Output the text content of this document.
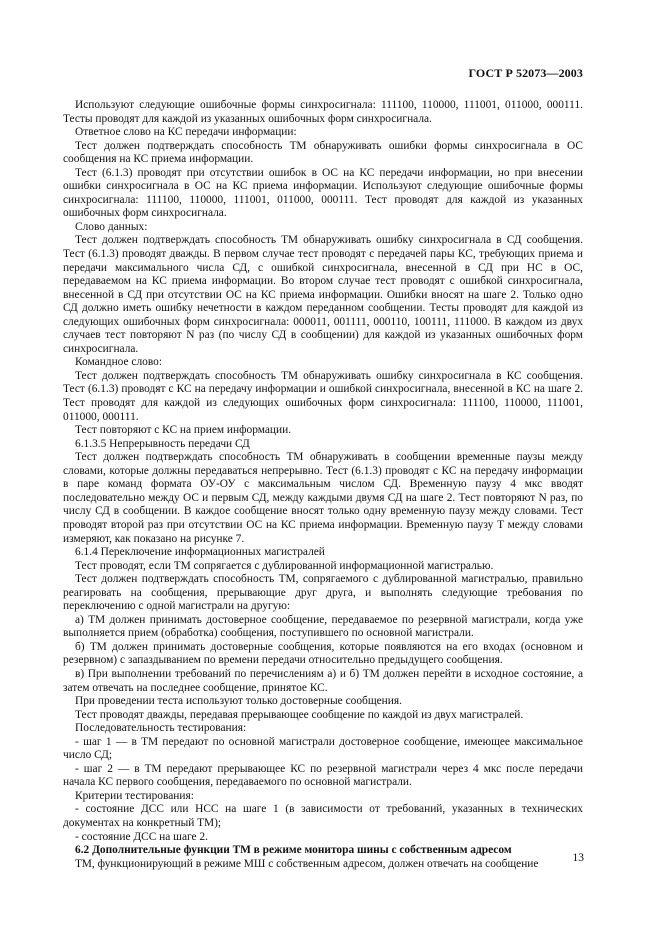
ГОСТ Р 52073—2003

Используют следующие ошибочные формы синхросигнала: 111100, 110000, 111001, 011000, 000111. Тесты проводят для каждой из указанных ошибочных форм синхросигнала.

Ответное слово на КС передачи информации:

Тест должен подтверждать способность ТМ обнаруживать ошибки формы синхросигнала в ОС сообщения на КС приема информации.

Тест (6.1.3) проводят при отсутствии ошибок в ОС на КС передачи информации, но при внесении ошибки синхросигнала в ОС на КС приема информации. Используют следующие ошибочные формы синхросигнала: 111100, 110000, 111001, 011000, 000111. Тест проводят для каждой из указанных ошибочных форм синхросигнала.

Слово данных:

Тест должен подтверждать способность ТМ обнаруживать ошибку синхросигнала в СД сообщения. Тест (6.1.3) проводят дважды. В первом случае тест проводят с передачей пары КС, требующих приема и передачи максимального числа СД, с ошибкой синхросигнала, внесенной в СД при НС в ОС, передаваемом на КС приема информации. Во втором случае тест проводят с ошибкой синхросигнала, внесенной в СД при отсутствии ОС на КС приема информации. Ошибки вносят на шаге 2. Только одно СД должно иметь ошибку нечетности в каждом переданном сообщении. Тесты проводят для каждой из следующих ошибочных форм синхросигнала: 000011, 001111, 000110, 100111, 111000. В каждом из двух случаев тест повторяют N раз (по числу СД в сообщении) для каждой из указанных ошибочных форм синхросигнала.

Командное слово:

Тест должен подтверждать способность ТМ обнаруживать ошибку синхросигнала в КС сообщения. Тест (6.1.3) проводят с КС на передачу информации и ошибкой синхросигнала, внесенной в КС на шаге 2. Тест проводят для каждой из следующих ошибочных форм синхросигнала: 111100, 110000, 111001, 011000, 000111.

Тест повторяют с КС на прием информации.

6.1.3.5 Непрерывность передачи СД

Тест должен подтверждать способность ТМ обнаруживать в сообщении временные паузы между словами, которые должны передаваться непрерывно. Тест (6.1.3) проводят с КС на передачу информации в паре команд формата ОУ-ОУ с максимальным числом СД. Временную паузу 4 мкс вводят последовательно между ОС и первым СД, между каждыми двумя СД на шаге 2. Тест повторяют N раз, по числу СД в сообщении. В каждое сообщение вносят только одну временную паузу между словами. Тест проводят второй раз при отсутствии ОС на КС приема информации. Временную паузу T между словами измеряют, как показано на рисунке 7.

6.1.4 Переключение информационных магистралей

Тест проводят, если ТМ сопрягается с дублированной информационной магистралью.

Тест должен подтверждать способность ТМ, сопрягаемого с дублированной магистралью, правильно реагировать на сообщения, прерывающие друг друга, и выполнять следующие требования по переключению с одной магистрали на другую:

а) ТМ должен принимать достоверное сообщение, передаваемое по резервной магистрали, когда уже выполняется прием (обработка) сообщения, поступившего по основной магистрали.

б) ТМ должен принимать достоверные сообщения, которые появляются на его входах (основном и резервном) с запаздыванием по времени передачи относительно предыдущего сообщения.

в) При выполнении требований по перечислениям а) и б) ТМ должен перейти в исходное состояние, а затем отвечать на последнее сообщение, принятое КС.

При проведении теста используют только достоверные сообщения.

Тест проводят дважды, передавая прерывающее сообщение по каждой из двух магистралей.

Последовательность тестирования:

- шаг 1 — в ТМ передают по основной магистрали достоверное сообщение, имеющее максимальное число СД;

- шаг 2 — в ТМ передают прерывающее КС по резервной магистрали через 4 мкс после передачи начала КС первого сообщения, передаваемого по основной магистрали.

Критерии тестирования:

- состояние ДСС или НСС на шаге 1 (в зависимости от требований, указанных в технических документах на конкретный ТМ);

- состояние ДСС на шаге 2.

6.2 Дополнительные функции ТМ в режиме монитора шины с собственным адресом

ТМ, функционирующий в режиме МШ с собственным адресом, должен отвечать на сообщение	13
